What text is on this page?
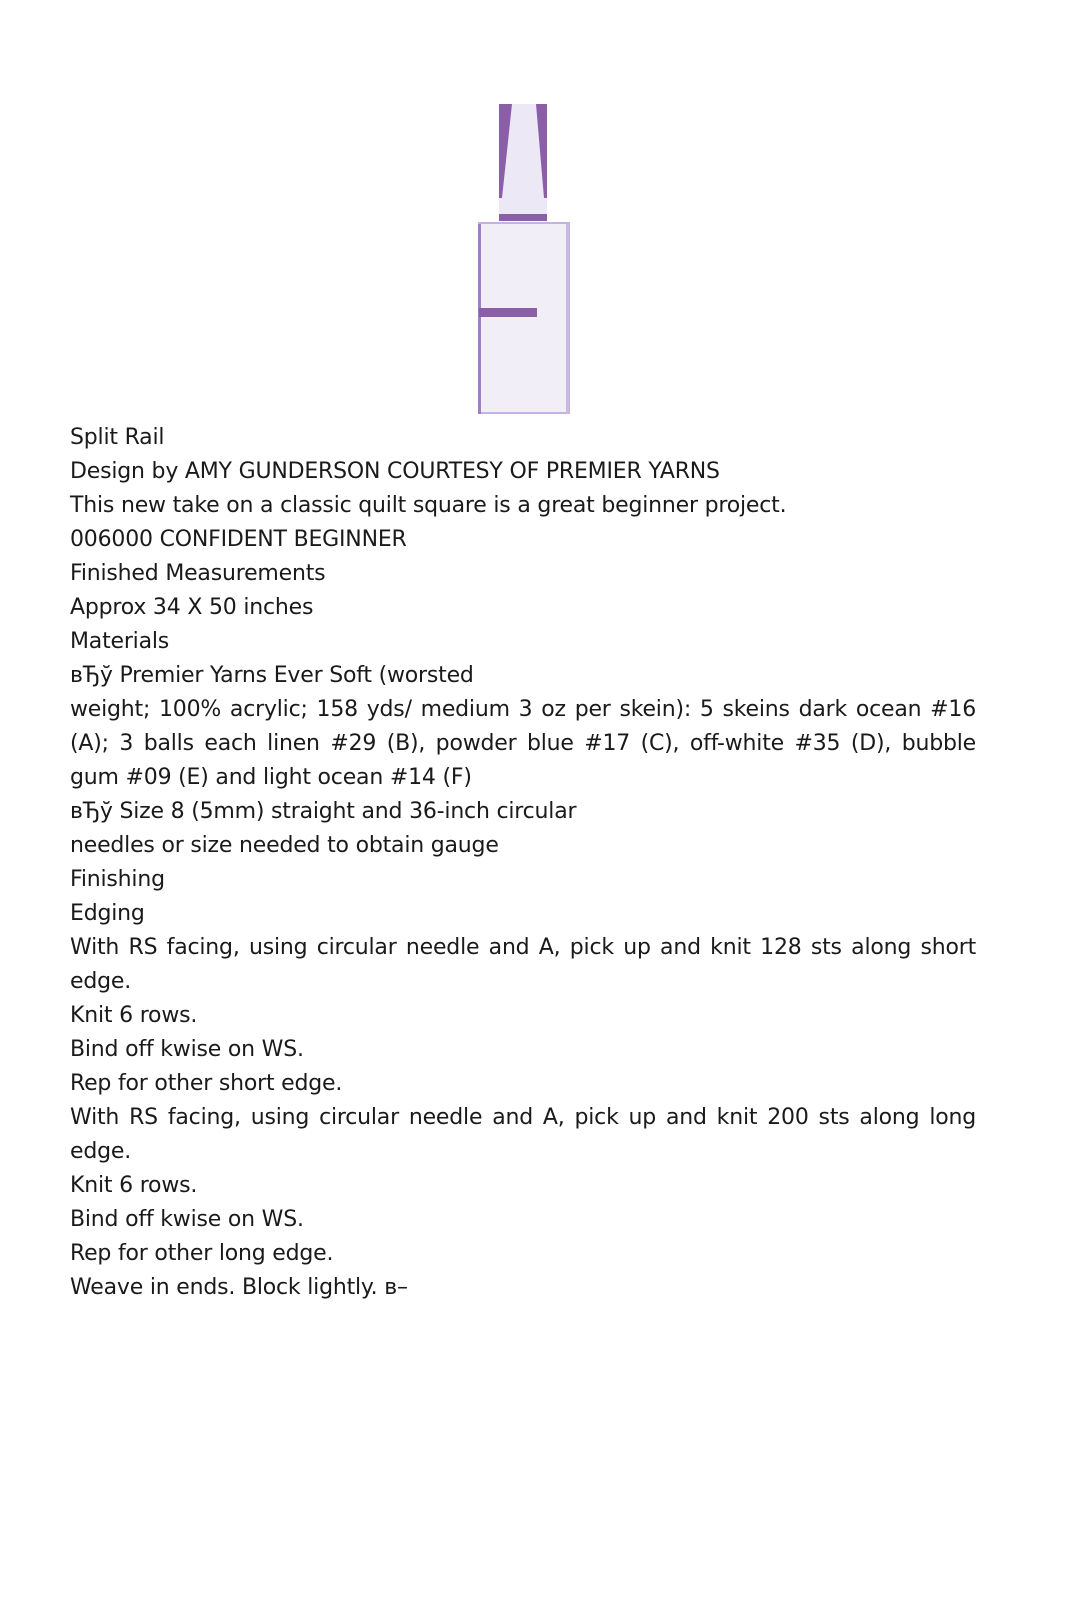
Split Rail

Design by AMY GUNDERSON COURTESY OF PREMIER YARNS

This new take on a classic quilt square is a great beginner project.

006000 CONFIDENT BEGINNER

Finished Measurements

Approx 34 X 50 inches

Materials

вЂў Premier Yarns Ever Soft (worsted

weight; 100% acrylic; 158 yds/ medium 3 oz per skein): 5 skeins dark ocean #16 (A); 3 balls each linen #29 (B), powder blue #17 (C), off-white #35 (D), bubble gum #09 (E) and light ocean #14 (F)

вЂў Size 8 (5mm) straight and 36-inch circular

needles or size needed to obtain gauge

Finishing

Edging

With RS facing, using circular needle and A, pick up and knit 128 sts along short edge.

Knit 6 rows.

Bind off kwise on WS.

Rep for other short edge.

With RS facing, using circular needle and A, pick up and knit 200 sts along long edge.

Knit 6 rows.

Bind off kwise on WS.

Rep for other long edge.

Weave in ends. Block lightly. в–
